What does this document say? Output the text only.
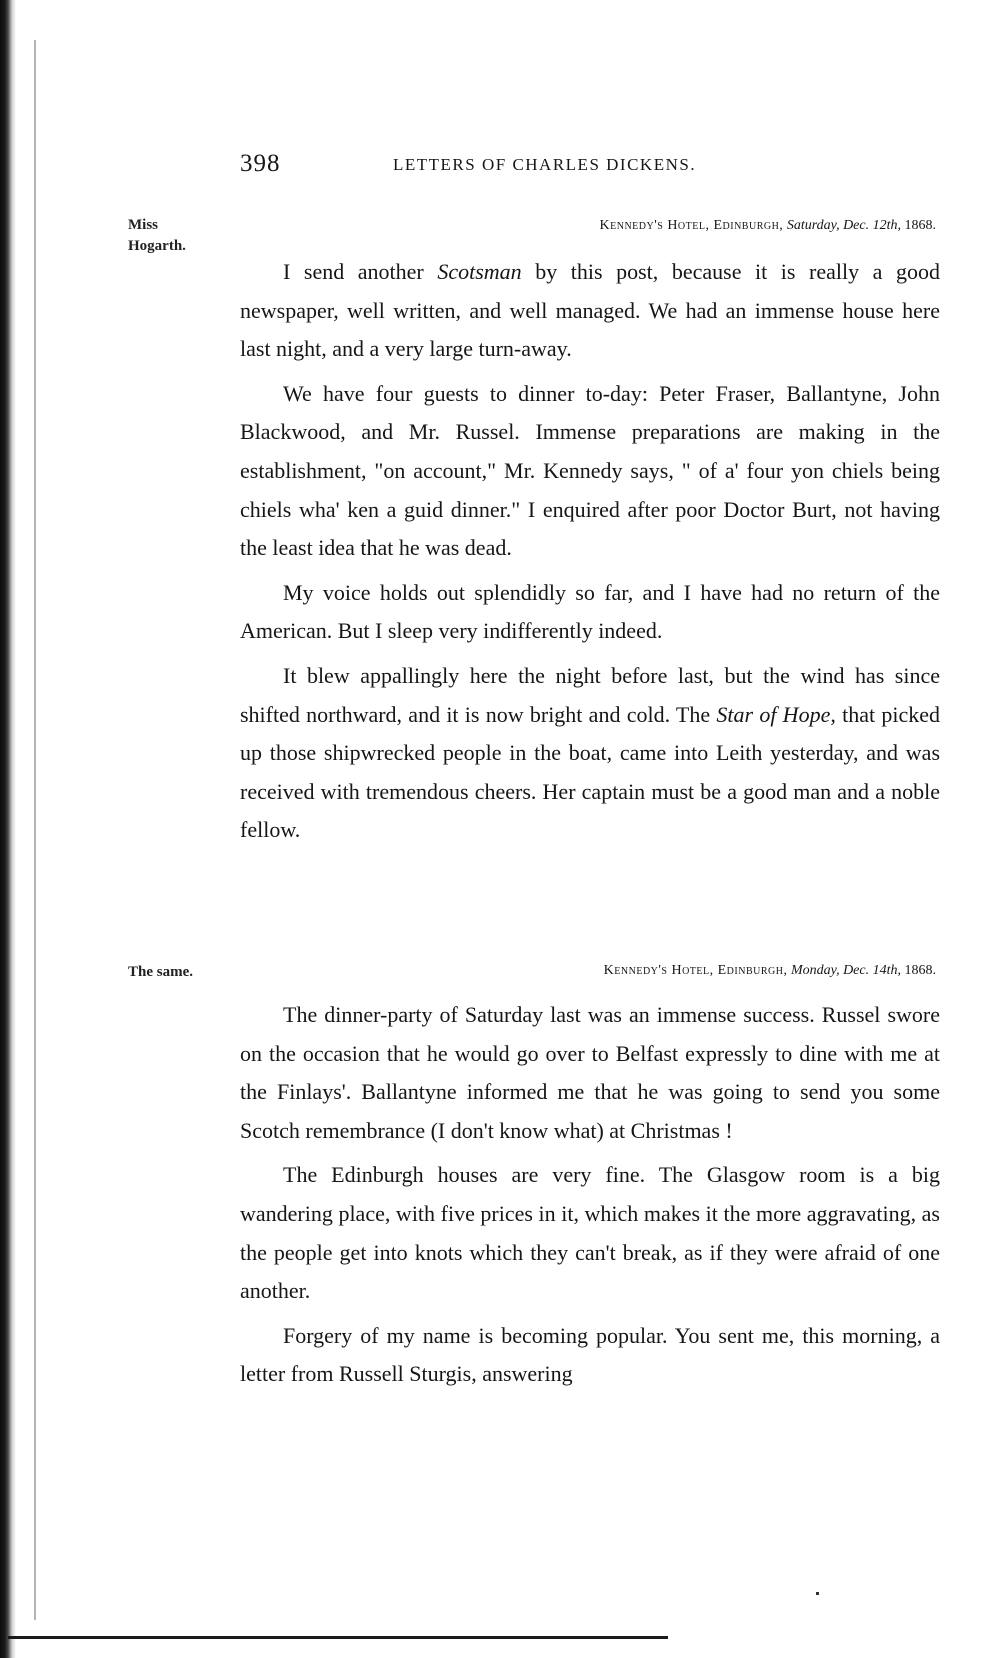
398	LETTERS OF CHARLES DICKENS.
Miss
Hogarth.
Kennedy's Hotel, Edinburgh, Saturday, Dec. 12th, 1868.

I send another Scotsman by this post, because it is really a good newspaper, well written, and well managed. We had an immense house here last night, and a very large turn-away.

We have four guests to dinner to-day: Peter Fraser, Ballantyne, John Blackwood, and Mr. Russel. Immense preparations are making in the establishment, "on account," Mr. Kennedy says, " of a' four yon chiels being chiels wha' ken a guid dinner." I enquired after poor Doctor Burt, not having the least idea that he was dead.

My voice holds out splendidly so far, and I have had no return of the American. But I sleep very indifferently indeed.

It blew appallingly here the night before last, but the wind has since shifted northward, and it is now bright and cold. The Star of Hope, that picked up those shipwrecked people in the boat, came into Leith yesterday, and was received with tremendous cheers. Her captain must be a good man and a noble fellow.

The same.	Kennedy's Hotel, Edinburgh, Monday, Dec. 14th, 1868.

The dinner-party of Saturday last was an immense success. Russel swore on the occasion that he would go over to Belfast expressly to dine with me at the Finlays'. Ballantyne informed me that he was going to send you some Scotch remembrance (I don't know what) at Christmas !

The Edinburgh houses are very fine. The Glasgow room is a big wandering place, with five prices in it, which makes it the more aggravating, as the people get into knots which they can't break, as if they were afraid of one another.

Forgery of my name is becoming popular. You sent me, this morning, a letter from Russell Sturgis, answering
